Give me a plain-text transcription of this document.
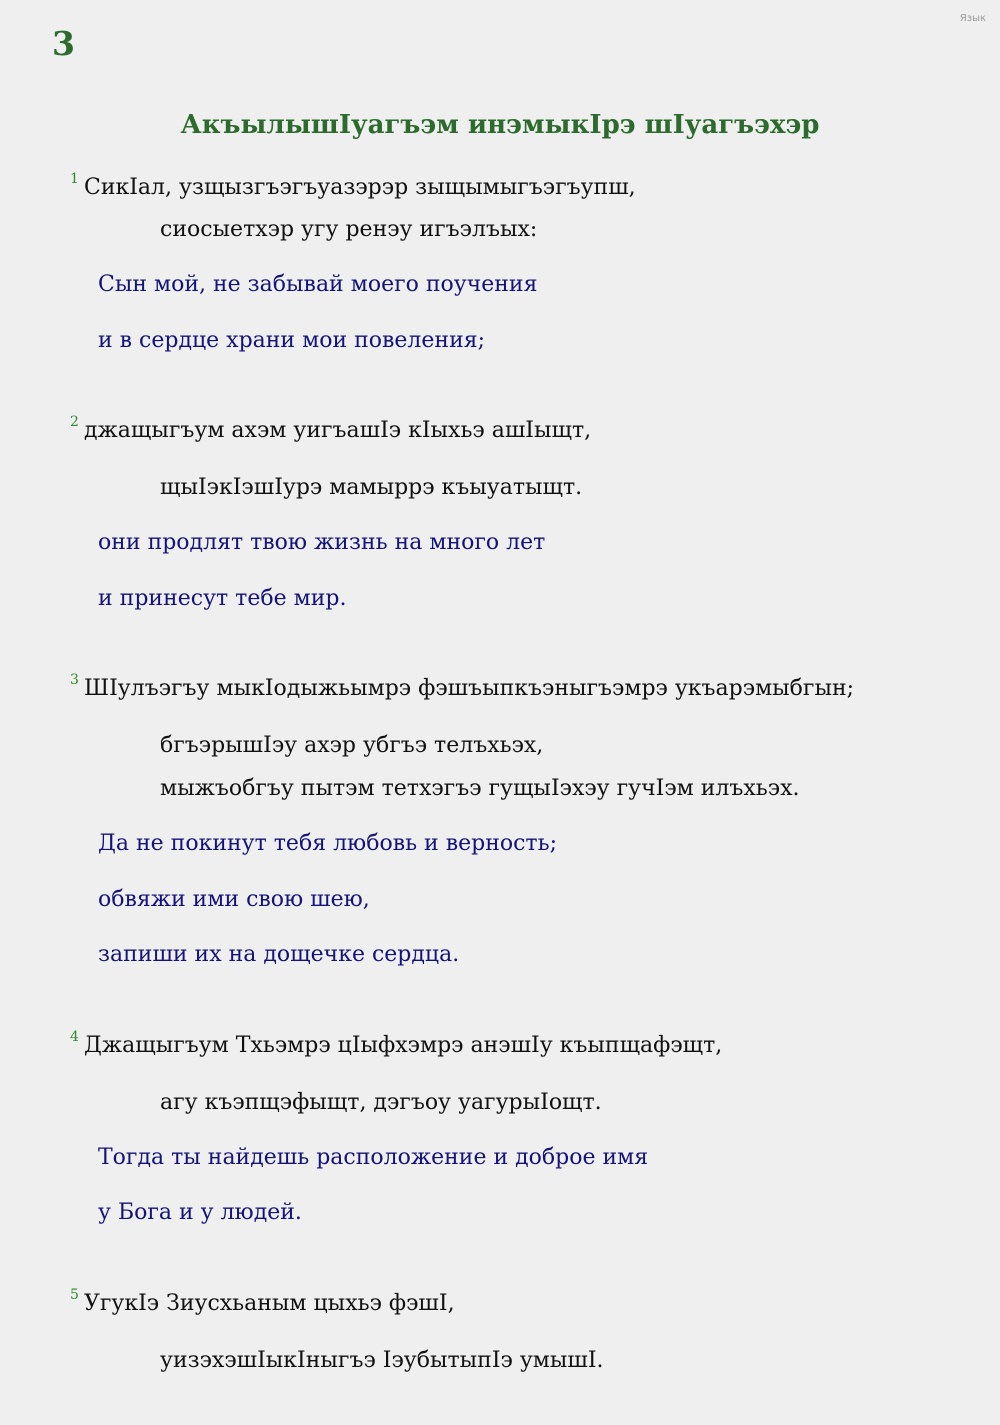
Язык
3
АкъылышIуагъэм инэмыкIрэ шIуагъэхэр
1 СикIал, узщызгъэгъуазэрэр зыщымыгъэгъупш,
сиосыетхэр угу ренэу игъэлъых:
Сын мой, не забывай моего поучения
и в сердце храни мои повеления;
2 джащыгъум ахэм уигъашIэ кIыхьэ ашIыщт,
щыIэкIэшIурэ мамыррэ къыуатыщт.
они продлят твою жизнь на много лет
и принесут тебе мир.
3 ШIулъэгъу мыкIодыжьымрэ фэшъыпкъэныгъэмрэ укъарэмыбгын;
бгъэрышIэу ахэр убгъэ телъхьэх,
мыжъобгъу пытэм тетхэгъэ гущыIэхэу гучIэм илъхьэх.
Да не покинут тебя любовь и верность;
обвяжи ими свою шею,
запиши их на дощечке сердца.
4 Джащыгъум Тхьэмрэ цIыфхэмрэ анэшIу къыпщафэщт,
агу къэпщэфыщт, дэгъоу уагурыIощт.
Тогда ты найдешь расположение и доброе имя
у Бога и у людей.
5 УгукIэ Зиусхьаным цыхьэ фэшI,
уизэхэшIыкIныгъэ IэубытыпIэ умышI.
